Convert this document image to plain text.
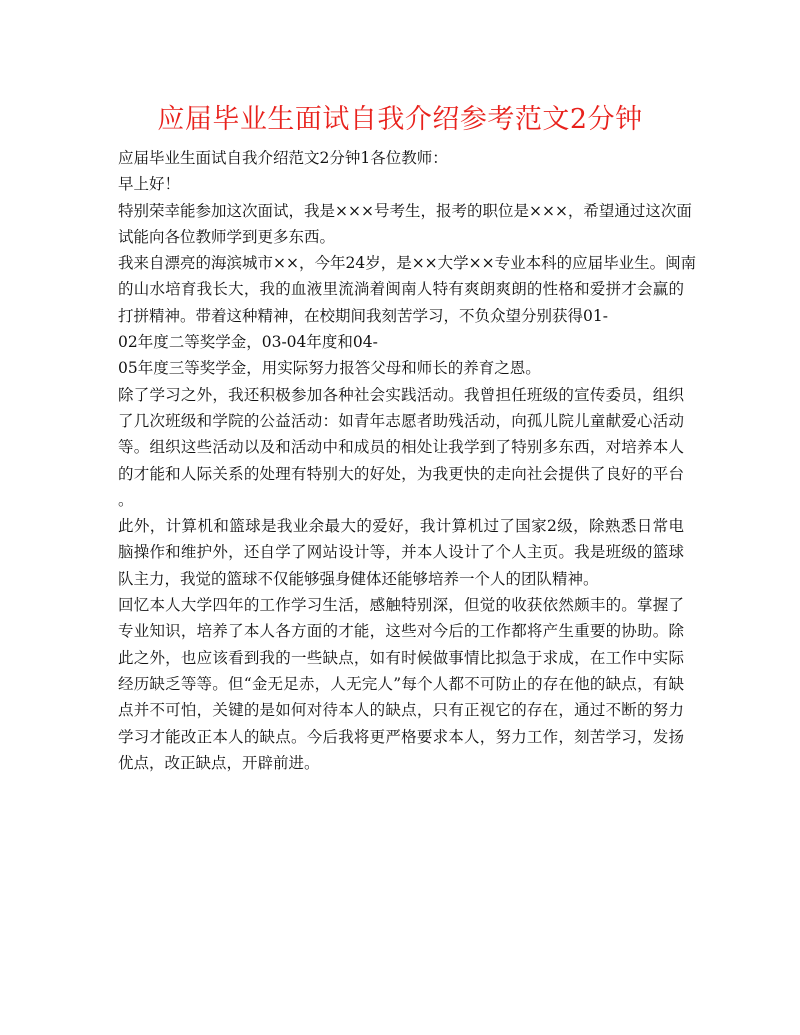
应届毕业生面试自我介绍参考范文2分钟
应届毕业生面试自我介绍范文2分钟1各位教师：
早上好！
特别荣幸能参加这次面试，我是×××号考生，报考的职位是×××，希望通过这次面
试能向各位教师学到更多东西。
我来自漂亮的海滨城市××，今年24岁，是××大学××专业本科的应届毕业生。闽南
的山水培育我长大，我的血液里流淌着闽南人特有爽朗爽朗的性格和爱拼才会赢的
打拼精神。带着这种精神，在校期间我刻苦学习，不负众望分别获得01-
02年度二等奖学金，03-04年度和04-
05年度三等奖学金，用实际努力报答父母和师长的养育之恩。
除了学习之外，我还积极参加各种社会实践活动。我曾担任班级的宣传委员，组织
了几次班级和学院的公益活动：如青年志愿者助残活动，向孤儿院儿童献爱心活动
等。组织这些活动以及和活动中和成员的相处让我学到了特别多东西，对培养本人
的才能和人际关系的处理有特别大的好处，为我更快的走向社会提供了良好的平台
。
此外，计算机和篮球是我业余最大的爱好，我计算机过了国家2级，除熟悉日常电
脑操作和维护外，还自学了网站设计等，并本人设计了个人主页。我是班级的篮球
队主力，我觉的篮球不仅能够强身健体还能够培养一个人的团队精神。
回忆本人大学四年的工作学习生活，感触特别深，但觉的收获依然颇丰的。掌握了
专业知识，培养了本人各方面的才能，这些对今后的工作都将产生重要的协助。除
此之外，也应该看到我的一些缺点，如有时候做事情比拟急于求成，在工作中实际
经历缺乏等等。但“金无足赤，人无完人”每个人都不可防止的存在他的缺点，有缺
点并不可怕，关键的是如何对待本人的缺点，只有正视它的存在，通过不断的努力
学习才能改正本人的缺点。今后我将更严格要求本人，努力工作，刻苦学习，发扬
优点，改正缺点，开辟前进。
